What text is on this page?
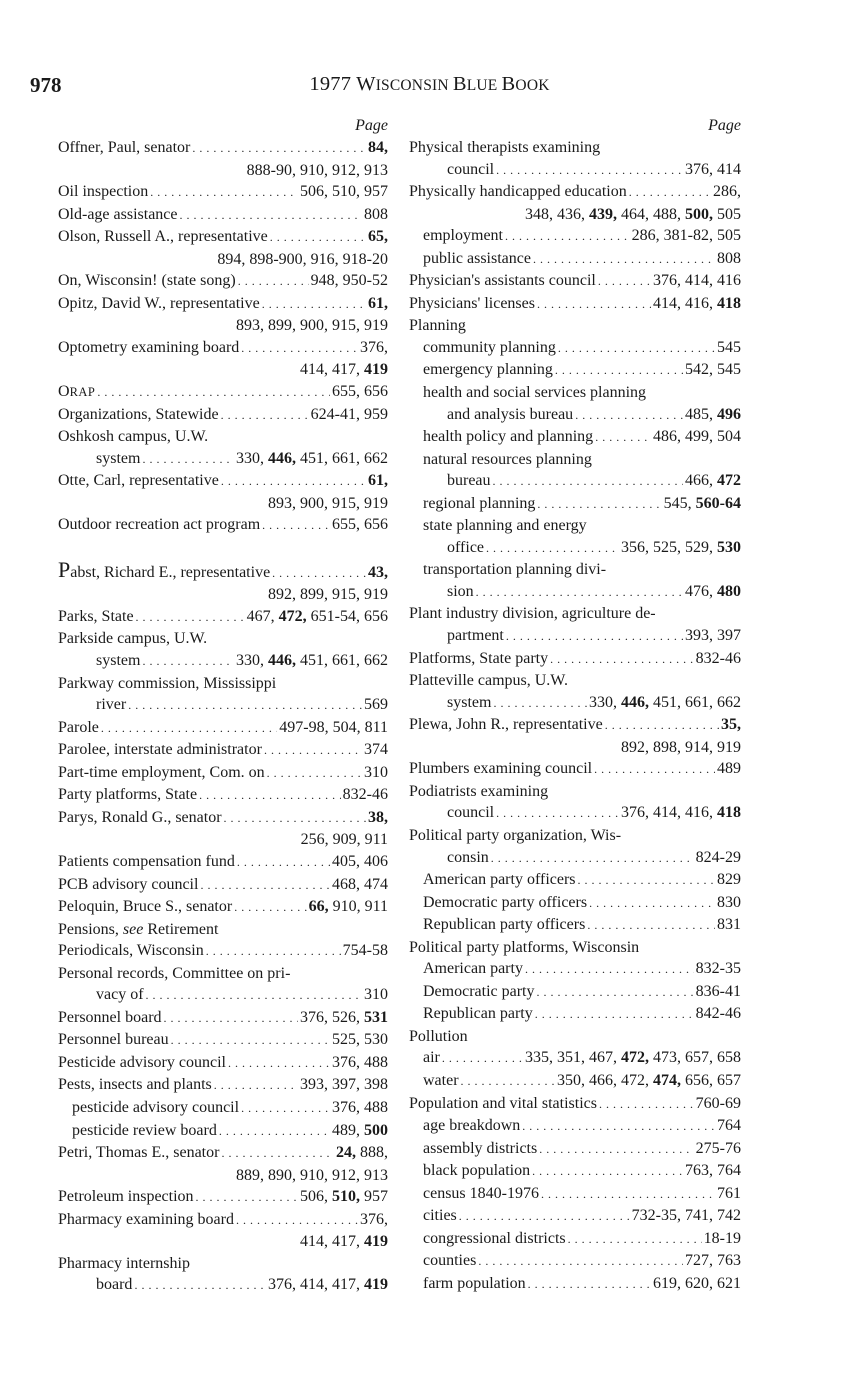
978	1977 WISCONSIN BLUE BOOK
Page
Offner, Paul, senator . . .	84,
888-90, 910, 912, 913
Oil inspection . . .	506, 510, 957
Old-age assistance . . .	808
Olson, Russell A., representative . . .	65,
894, 898-900, 916, 918-20
On, Wisconsin! (state song) . . .	948, 950-52
Opitz, David W., representative . . .	61,
893, 899, 900, 915, 919
Optometry examining board . . .	376,
414, 417, 419
ORAP . . .	655, 656
Organizations, Statewide . . .	624-41, 959
Oshkosh campus, U.W.
system . . .	330, 446, 451, 661, 662
Otte, Carl, representative . . .	61,
893, 900, 915, 919
Outdoor recreation act program . . .	655, 656
Pabst, Richard E., representative . . .	43,
892, 899, 915, 919
Parks, State . . .	467, 472, 651-54, 656
Parkside campus, U.W.
system . . .	330, 446, 451, 661, 662
Parkway commission, Mississippi
river . . .	569
Parole . . .	497-98, 504, 811
Parolee, interstate administrator . . .	374
Part-time employment, Com. on . . .	310
Party platforms, State . . .	832-46
Parys, Ronald G., senator . . .	38,
256, 909, 911
Patients compensation fund . . .	405, 406
PCB advisory council . . .	468, 474
Peloquin, Bruce S., senator . . .	66, 910, 911
Pensions, see Retirement
Periodicals, Wisconsin . . .	754-58
Personal records, Committee on pri-
vacy of . . .	310
Personnel board . . .	376, 526, 531
Personnel bureau . . .	525, 530
Pesticide advisory council . . .	376, 488
Pests, insects and plants . . .	393, 397, 398
pesticide advisory council . . .	376, 488
pesticide review board . . .	489, 500
Petri, Thomas E., senator . . .	24, 888,
889, 890, 910, 912, 913
Petroleum inspection . . .	506, 510, 957
Pharmacy examining board . . .	376,
414, 417, 419
Pharmacy internship
board . . .	376, 414, 417, 419
Page
Physical therapists examining
council . . .	376, 414
Physically handicapped education . . .	286,
348, 436, 439, 464, 488, 500, 505
employment . . .	286, 381-82, 505
public assistance . . .	808
Physician's assistants council . . .	376, 414, 416
Physicians' licenses . . .	414, 416, 418
Planning
community planning . . .	545
emergency planning . . .	542, 545
health and social services planning
and analysis bureau . . .	485, 496
health policy and planning . . .	486, 499, 504
natural resources planning
bureau . . .	466, 472
regional planning . . .	545, 560-64
state planning and energy
office . . .	356, 525, 529, 530
transportation planning divi-
sion . . .	476, 480
Plant industry division, agriculture de-
partment . . .	393, 397
Platforms, State party . . .	832-46
Platteville campus, U.W.
system . . .	330, 446, 451, 661, 662
Plewa, John R., representative . . .	35,
892, 898, 914, 919
Plumbers examining council . . .	489
Podiatrists examining
council . . .	376, 414, 416, 418
Political party organization, Wis-
consin . . .	824-29
American party officers . . .	829
Democratic party officers . . .	830
Republican party officers . . .	831
Political party platforms, Wisconsin
American party . . .	832-35
Democratic party . . .	836-41
Republican party . . .	842-46
Pollution
air . . .	335, 351, 467, 472, 473, 657, 658
water . . .	350, 466, 472, 474, 656, 657
Population and vital statistics . . .	760-69
age breakdown . . .	764
assembly districts . . .	275-76
black population . . .	763, 764
census 1840-1976 . . .	761
cities . . .	732-35, 741, 742
congressional districts . . .	18-19
counties . . .	727, 763
farm population . . .	619, 620, 621
